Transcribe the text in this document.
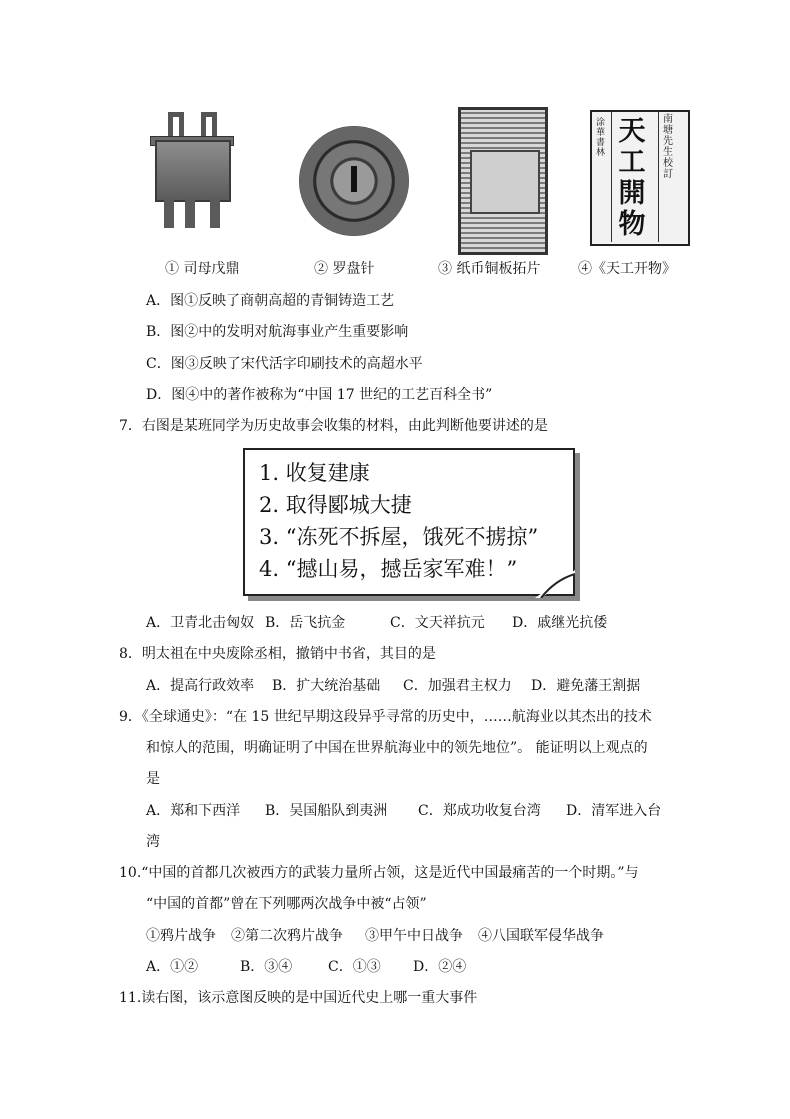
天工開物
南塘先生校訂
涂華書林
① 司母戊鼎	② 罗盘针	③ 纸币铜板拓片	④《天工开物》
A．图①反映了商朝高超的青铜铸造工艺
B．图②中的发明对航海事业产生重要影响
C．图③反映了宋代活字印刷技术的高超水平
D．图④中的著作被称为“中国 17 世纪的工艺百科全书”
7．右图是某班同学为历史故事会收集的材料，由此判断他要讲述的是
1. 收复建康
2. 取得郾城大捷
3. “冻死不拆屋，饿死不掳掠”
4. “撼山易，撼岳家军难！”
A．卫青北击匈奴 B．岳飞抗金	C．文天祥抗元 D．戚继光抗倭
8．明太祖在中央废除丞相，撤销中书省，其目的是
A．提高行政效率 B．扩大统治基础 C．加强君主权力 D．避免藩王割据
9．《全球通史》：“在 15 世纪早期这段异乎寻常的历史中，……航海业以其杰出的技术
和惊人的范围，明确证明了中国在世界航海业中的领先地位”。 能证明以上观点的
是
A．郑和下西洋 B．吴国船队到夷洲 C．郑成功收复台湾 D．清军进入台
湾
10.“中国的首都几次被西方的武装力量所占领，这是近代中国最痛苦的一个时期。”与
“中国的首都”曾在下列哪两次战争中被“占领”
①鸦片战争 ②第二次鸦片战争 ③甲午中日战争 ④八国联军侵华战争
A．①②	B．③④	C．①③ D．②④
11.读右图，该示意图反映的是中国近代史上哪一重大事件
